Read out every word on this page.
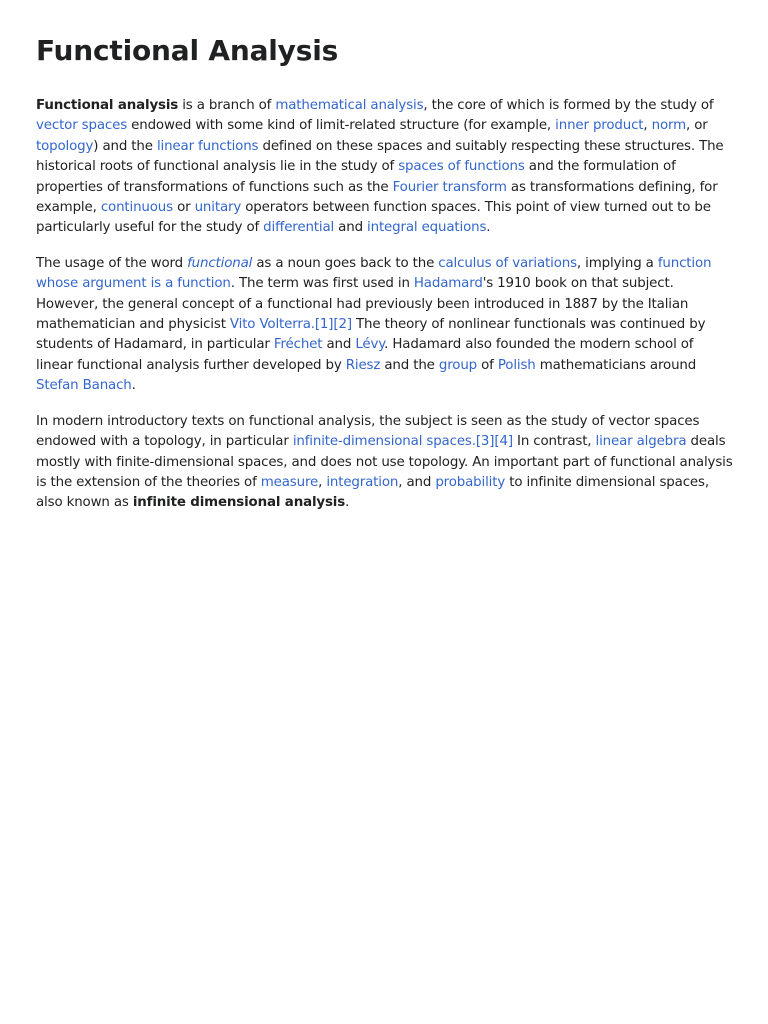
Functional Analysis

Functional analysis is a branch of mathematical analysis, the core of which is formed by the study of vector spaces endowed with some kind of limit-related structure (for example, inner product, norm, or topology) and the linear functions defined on these spaces and suitably respecting these structures. The historical roots of functional analysis lie in the study of spaces of functions and the formulation of properties of transformations of functions such as the Fourier transform as transformations defining, for example, continuous or unitary operators between function spaces. This point of view turned out to be particularly useful for the study of differential and integral equations.

The usage of the word functional as a noun goes back to the calculus of variations, implying a function whose argument is a function. The term was first used in Hadamard's 1910 book on that subject. However, the general concept of a functional had previously been introduced in 1887 by the Italian mathematician and physicist Vito Volterra.[1][2] The theory of nonlinear functionals was continued by students of Hadamard, in particular Fréchet and Lévy. Hadamard also founded the modern school of linear functional analysis further developed by Riesz and the group of Polish mathematicians around Stefan Banach.

In modern introductory texts on functional analysis, the subject is seen as the study of vector spaces endowed with a topology, in particular infinite-dimensional spaces.[3][4] In contrast, linear algebra deals mostly with finite-dimensional spaces, and does not use topology. An important part of functional analysis is the extension of the theories of measure, integration, and probability to infinite dimensional spaces, also known as infinite dimensional analysis.
